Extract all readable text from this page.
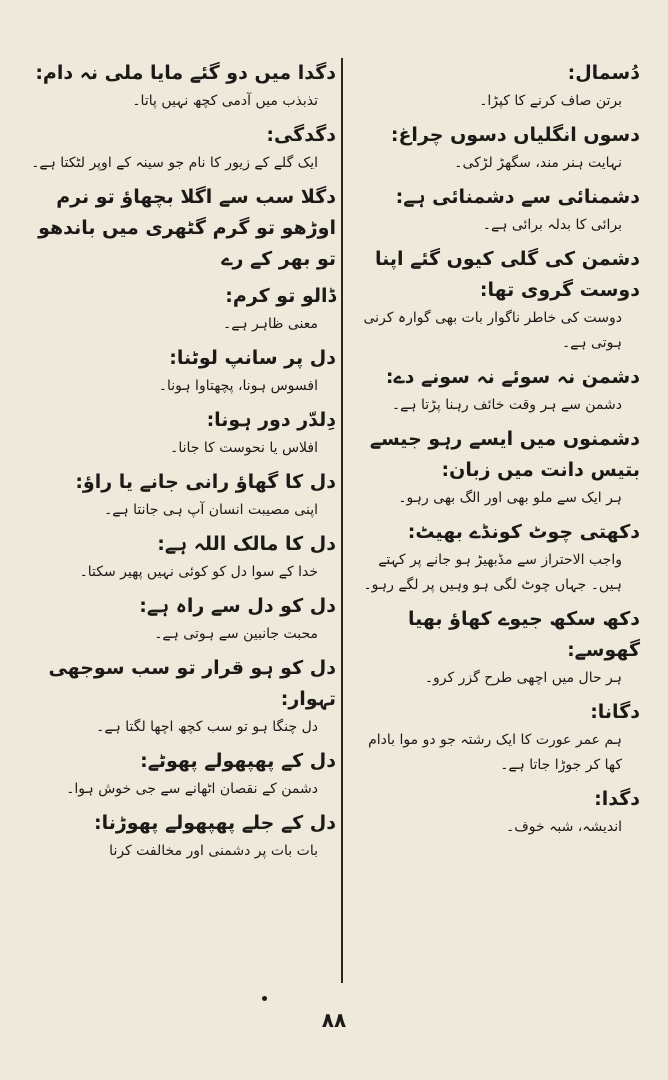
دُسمال:

برتن صاف کرنے کا کپڑا۔

دسوں انگلیاں دسوں چراغ:

نہایت ہنر مند، سگھڑ لڑکی۔

دشمنائی سے دشمنائی ہے:

برائی کا بدلہ برائی ہے۔

دشمن کی گلی کیوں گئے اپنا دوست گروی تھا:

دوست کی خاطر ناگوار بات بھی گوارہ کرنی ہوتی ہے۔

دشمن نہ سوئے نہ سونے دے:

دشمن سے ہر وقت خائف رہنا پڑتا ہے۔

دشمنوں میں ایسے رہو جیسے بتیس دانت میں زبان:

ہر ایک سے ملو بھی اور الگ بھی رہو۔

دکھتی چوٹ کونڈے بھیٹ:

واجب الاحتراز سے مڈبھیڑ ہو جانے پر کہتے ہیں۔ جہاں چوٹ لگی ہو وہیں پر لگے رہو۔

دکھ سکھ جیوے کھاؤ بھیا گھوسے:

ہر حال میں اچھی طرح گزر کرو۔

دگانا:

ہم عمر عورت کا ایک رشتہ جو دو موا بادام کھا کر جوڑا جاتا ہے۔

دگدا:

اندیشہ، شبہ خوف۔

دگدا میں دو گئے مایا ملی نہ دام:

تذبذب میں آدمی کچھ نہیں پاتا۔

دگدگی:

ایک گلے کے زیور کا نام جو سینہ کے اوپر لٹکتا ہے۔

دگلا سب سے اگلا بچھاؤ تو نرم اوڑھو تو گرم گٹھری میں باندھو تو بھر کے رے

ڈالو تو کرم:

معنی ظاہر ہے۔

دل پر سانپ لوٹنا:

افسوس ہونا، پچھتاوا ہونا۔

دِلدّر دور ہونا:

افلاس یا نحوست کا جانا۔

دل کا گھاؤ رانی جانے یا راؤ:

اپنی مصیبت انسان آپ ہی جانتا ہے۔

دل کا مالک اللہ ہے:

خدا کے سوا دل کو کوئی نہیں پھیر سکتا۔

دل کو دل سے راہ ہے:

محبت جانبین سے ہوتی ہے۔

دل کو ہو قرار تو سب سوجھی تہوار:

دل چنگا ہو تو سب کچھ اچھا لگتا ہے۔

دل کے پھپھولے پھوٹے:

دشمن کے نقصان اٹھانے سے جی خوش ہوا۔

دل کے جلے پھپھولے پھوڑنا:

بات بات پر دشمنی اور مخالفت کرنا

۸۸
